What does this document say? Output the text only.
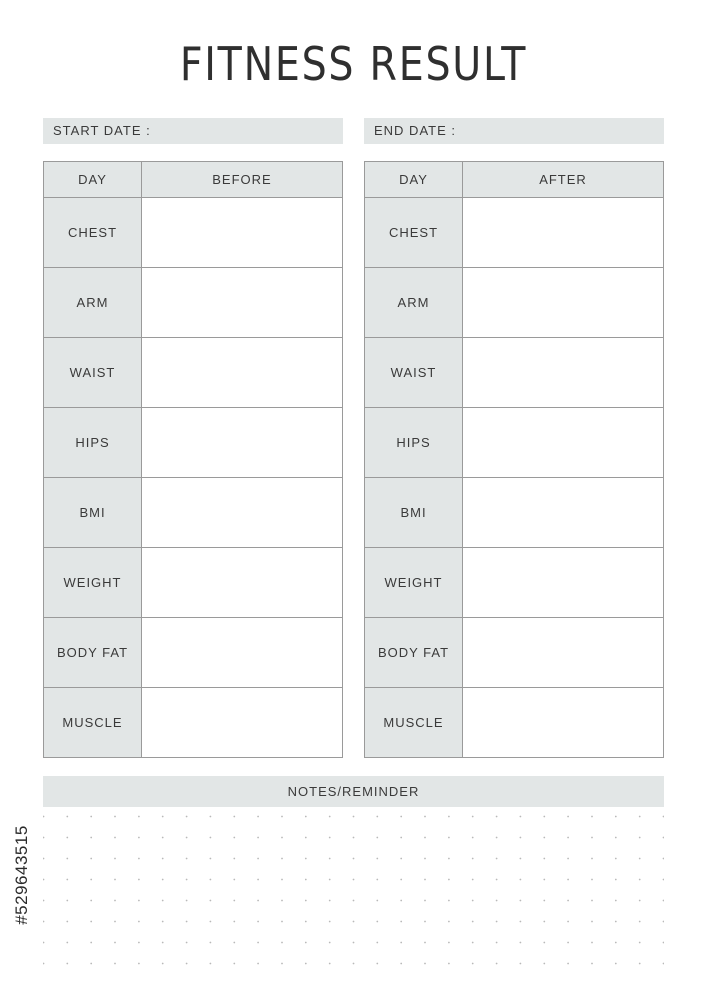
FITNESS RESULT
START DATE :	END DATE :
DAY	BEFORE
CHEST	
ARM	
WAIST	
HIPS	
BMI	
WEIGHT	
BODY FAT	
MUSCLE	
DAY	AFTER
CHEST	
ARM	
WAIST	
HIPS	
BMI	
WEIGHT	
BODY FAT	
MUSCLE	
NOTES/REMINDER
#529643515
